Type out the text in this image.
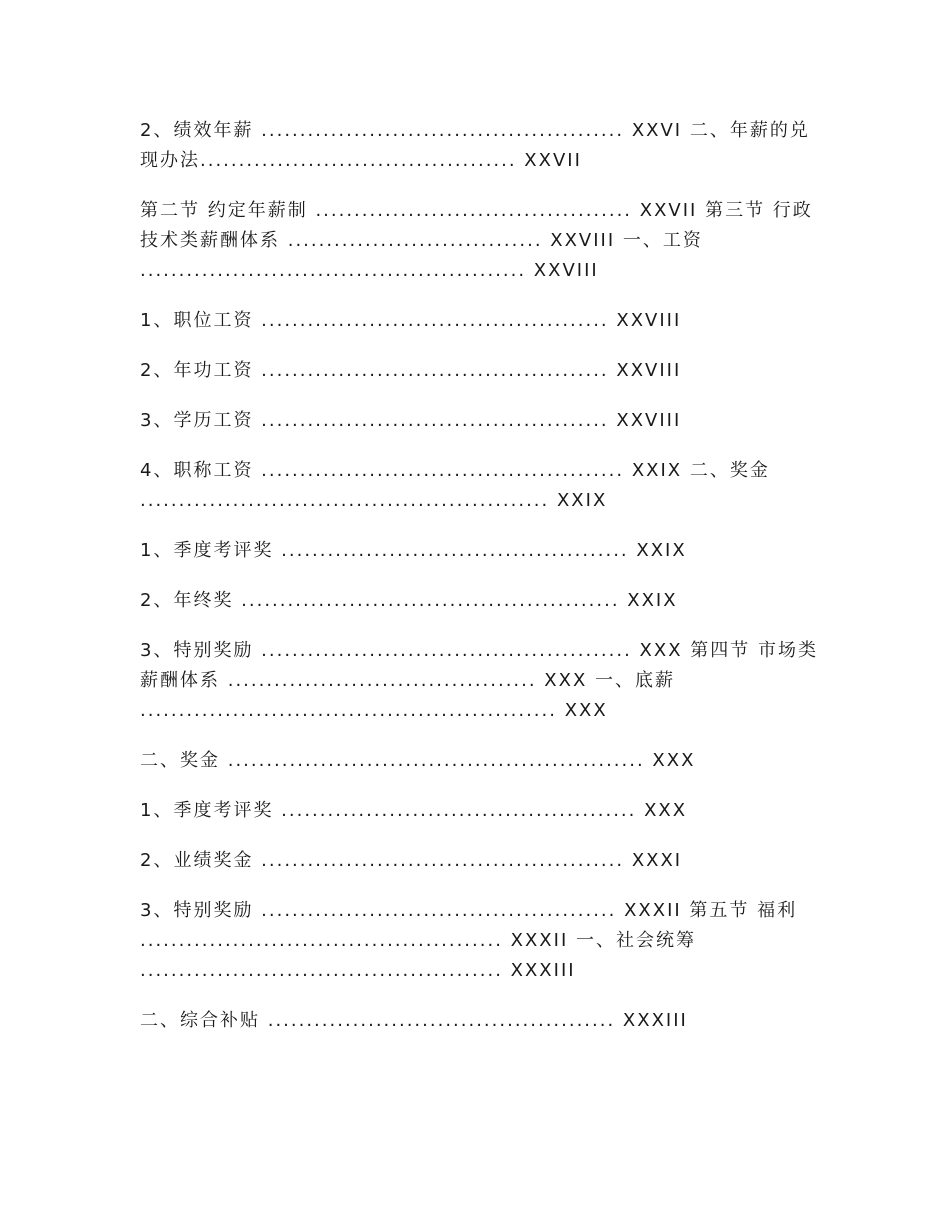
2、绩效年薪 ............................................... XXVI 二、年薪的兑
现办法......................................... XXVII
第二节 约定年薪制 ......................................... XXVII 第三节 行政
技术类薪酬体系 ................................. XXVIII 一、工资
.................................................. XXVIII
1、职位工资 ............................................. XXVIII
2、年功工资 ............................................. XXVIII
3、学历工资 ............................................. XXVIII
4、职称工资 ............................................... XXIX 二、奖金
..................................................... XXIX
1、季度考评奖 ............................................. XXIX
2、年终奖 ................................................. XXIX
3、特别奖励 ................................................ XXX 第四节 市场类
薪酬体系 ........................................ XXX 一、底薪
...................................................... XXX
二、奖金 ...................................................... XXX
1、季度考评奖 .............................................. XXX
2、业绩奖金 ............................................... XXXI
3、特别奖励 .............................................. XXXII 第五节 福利
............................................... XXXII 一、社会统筹
............................................... XXXIII
二、综合补贴 ............................................. XXXIII
